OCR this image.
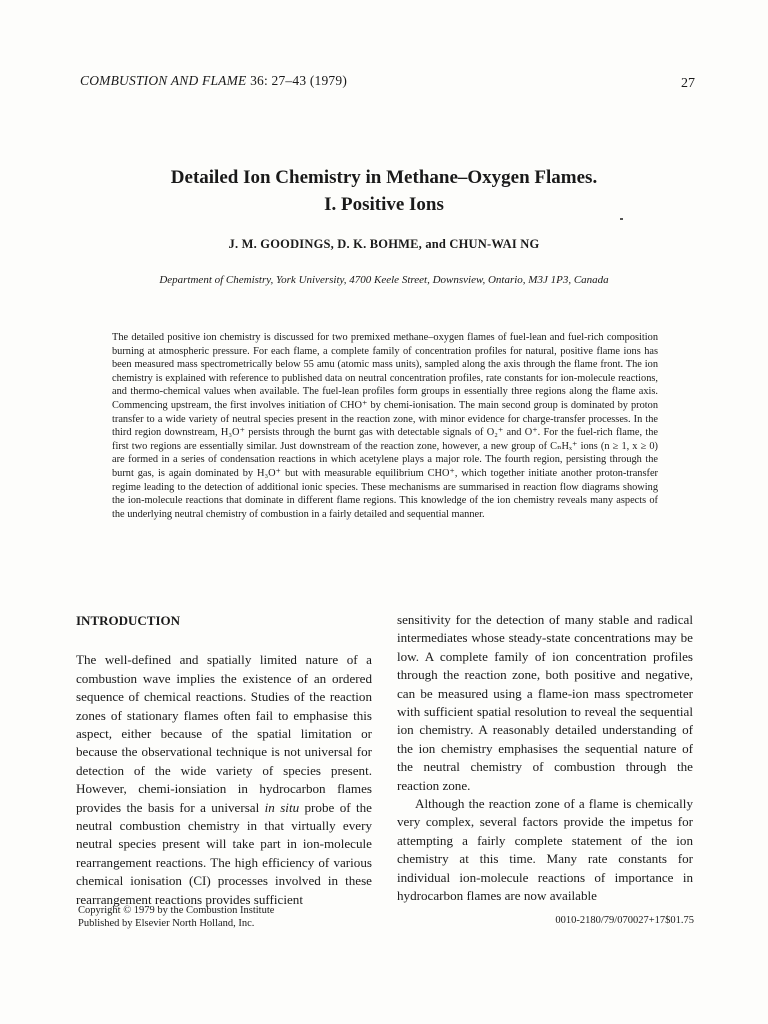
COMBUSTION AND FLAME 36: 27–43 (1979)	27
Detailed Ion Chemistry in Methane–Oxygen Flames.
I. Positive Ions
J. M. GOODINGS, D. K. BOHME, and CHUN-WAI NG
Department of Chemistry, York University, 4700 Keele Street, Downsview, Ontario, M3J 1P3, Canada
The detailed positive ion chemistry is discussed for two premixed methane–oxygen flames of fuel-lean and fuel-rich composition burning at atmospheric pressure. For each flame, a complete family of concentration profiles for natural, positive flame ions has been measured mass spectrometrically below 55 amu (atomic mass units), sampled along the axis through the flame front. The ion chemistry is explained with reference to published data on neutral concentration profiles, rate constants for ion-molecule reactions, and thermo-chemical values when available. The fuel-lean profiles form groups in essentially three regions along the flame axis. Commencing upstream, the first involves initiation of CHO⁺ by chemi-ionisation. The main second group is dominated by proton transfer to a wide variety of neutral species present in the reaction zone, with minor evidence for charge-transfer processes. In the third region downstream, H₃O⁺ persists through the burnt gas with detectable signals of O₂⁺ and O⁺. For the fuel-rich flame, the first two regions are essentially similar. Just downstream of the reaction zone, however, a new group of CₙHₓ⁺ ions (n ≥ 1, x ≥ 0) are formed in a series of condensation reactions in which acetylene plays a major role. The fourth region, persisting through the burnt gas, is again dominated by H₃O⁺ but with measurable equilibrium CHO⁺, which together initiate another proton-transfer regime leading to the detection of additional ionic species. These mechanisms are summarised in reaction flow diagrams showing the ion-molecule reactions that dominate in different flame regions. This knowledge of the ion chemistry reveals many aspects of the underlying neutral chemistry of combustion in a fairly detailed and sequential manner.
INTRODUCTION

The well-defined and spatially limited nature of a combustion wave implies the existence of an ordered sequence of chemical reactions. Studies of the reaction zones of stationary flames often fail to emphasise this aspect, either because of the spatial limitation or because the observational technique is not universal for detection of the wide variety of species present. However, chemi-ionsiation in hydrocarbon flames provides the basis for a universal in situ probe of the neutral combustion chemistry in that virtually every neutral species present will take part in ion-molecule rearrangement reactions. The high efficiency of various chemical ionisation (CI) processes involved in these rearrangement reactions provides sufficient

sensitivity for the detection of many stable and radical intermediates whose steady-state concentrations may be low. A complete family of ion concentration profiles through the reaction zone, both positive and negative, can be measured using a flame-ion mass spectrometer with sufficient spatial resolution to reveal the sequential ion chemistry. A reasonably detailed understanding of the ion chemistry emphasises the sequential nature of the neutral chemistry of combustion through the reaction zone.

Although the reaction zone of a flame is chemically very complex, several factors provide the impetus for attempting a fairly complete statement of the ion chemistry at this time. Many rate constants for individual ion-molecule reactions of importance in hydrocarbon flames are now available

Copyright © 1979 by the Combustion Institute
Published by Elsevier North Holland, Inc.	0010-2180/79/070027+17$01.75
